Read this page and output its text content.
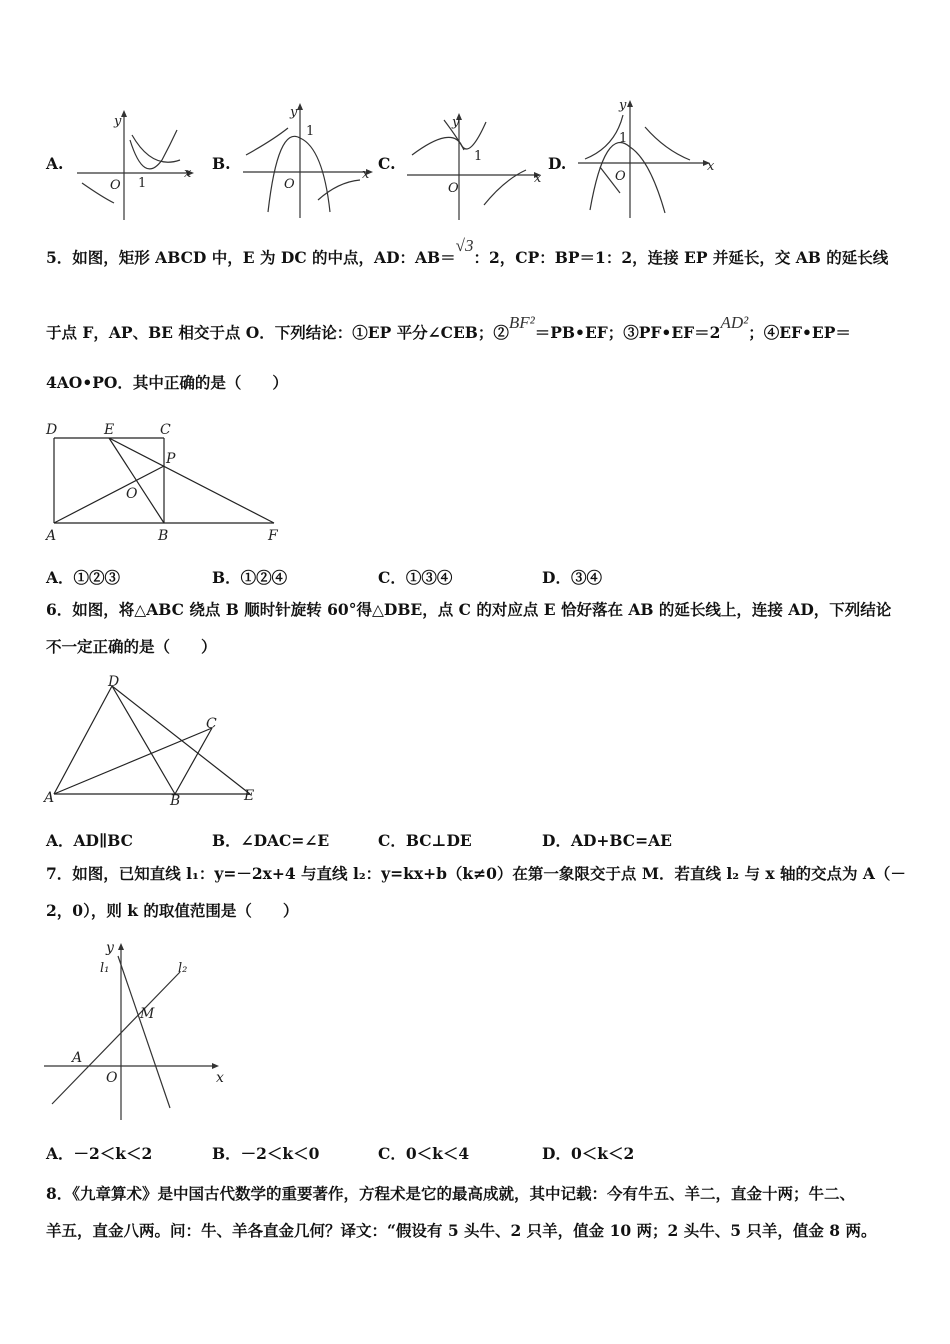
A.
y
x
O 1
B.
y
x
O
1
C.
y
x
O
1	D.
y
x
O
1
5．如图，矩形 ABCD 中，E 为 DC 的中点，AD：AB＝√3：2，CP：BP＝1：2，连接 EP 并延长，交 AB 的延长线
于点 F，AP、BE 相交于点 O．下列结论：①EP 平分∠CEB；②BF²＝PB•EF；③PF•EF＝2AD²；④EF•EP＝
4AO•PO．其中正确的是（　　）
D	E	C
P
O
A	B	F
A．①②③	B．①②④	C．①③④	D．③④
6．如图，将△ABC 绕点 B 顺时针旋转 60°得△DBE，点 C 的对应点 E 恰好落在 AB 的延长线上，连接 AD，下列结论
不一定正确的是（　　）
D
C
A	B	E
A．AD∥BC	B．∠DAC=∠E	C．BC⊥DE	D．AD+BC=AE
7．如图，已知直线 l₁：y=－2x+4 与直线 l₂：y=kx+b（k≠0）在第一象限交于点 M．若直线 l₂ 与 x 轴的交点为 A（－
2，0），则 k 的取值范围是（　　）
y
l₁	l₂
M
A
O	x
A．－2＜k＜2	B．－2＜k＜0	C．0＜k＜4	D．0＜k＜2
8．《九章算术》是中国古代数学的重要著作，方程术是它的最高成就，其中记载：今有牛五、羊二，直金十两；牛二、
羊五，直金八两。问：牛、羊各直金几何？译文：“假设有 5 头牛、2 只羊，值金 10 两；2 头牛、5 只羊，值金 8 两。
